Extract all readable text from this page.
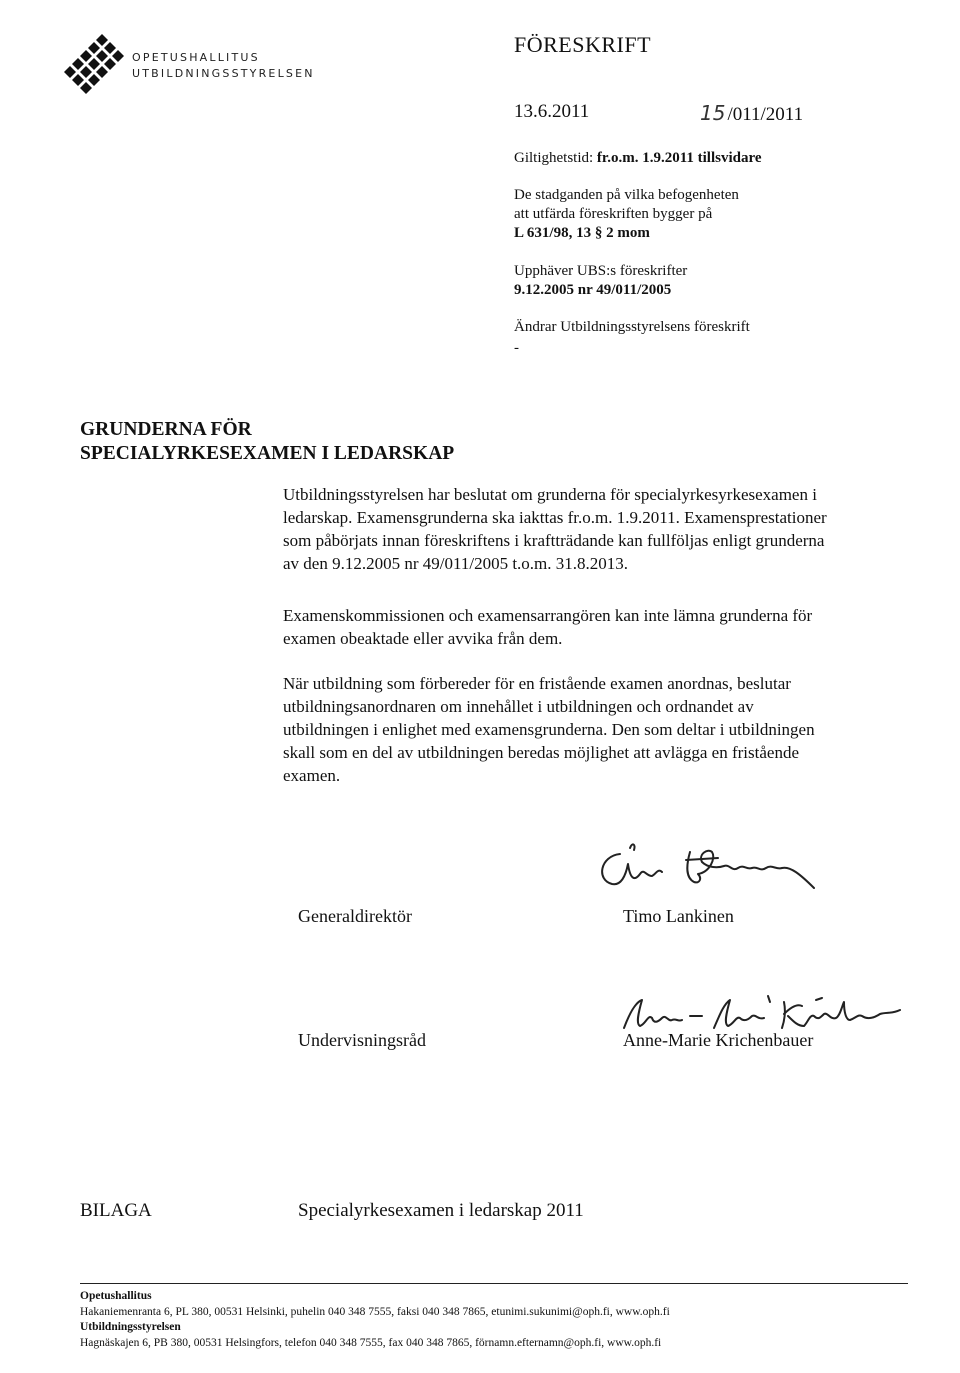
OPETUSHALLITUS
UTBILDNINGSSTYRELSEN
FÖRESKRIFT
13.6.2011	15 /011/2011
Giltighetstid: fr.o.m. 1.9.2011 tillsvidare
De stadganden på vilka befogenheten
att utfärda föreskriften bygger på
L 631/98, 13 § 2 mom
Upphäver UBS:s föreskrifter
9.12.2005 nr 49/011/2005
Ändrar Utbildningsstyrelsens föreskrift
-
GRUNDERNA FÖR
SPECIALYRKESEXAMEN I LEDARSKAP

Utbildningsstyrelsen har beslutat om grunderna för specialyrkesyrkesexamen i

ledarskap. Examensgrunderna ska iakttas fr.o.m. 1.9.2011. Examensprestationer

som påbörjats innan föreskriftens i kraftträdande kan fullföljas enligt grunderna

av den 9.12.2005 nr 49/011/2005 t.o.m. 31.8.2013.

Examenskommissionen och examensarrangören kan inte lämna grunderna för

examen obeaktade eller avvika från dem.

När utbildning som förbereder för en fristående examen anordnas, beslutar

utbildningsanordnaren om innehållet i utbildningen och ordnandet av

utbildningen i enlighet med examensgrunderna. Den som deltar i utbildningen

skall som en del av utbildningen beredas möjlighet att avlägga en fristående

examen.

Generaldirektör	Timo Lankinen
Undervisningsråd	Anne-Marie Krichenbauer
BILAGA	Specialyrkesexamen i ledarskap 2011
Opetushallitus
Hakaniemenranta 6, PL 380, 00531 Helsinki, puhelin 040 348 7555, faksi 040 348 7865, etunimi.sukunimi@oph.fi, www.oph.fi
Utbildningsstyrelsen
Hagnäskajen 6, PB 380, 00531 Helsingfors, telefon 040 348 7555, fax 040 348 7865, förnamn.efternamn@oph.fi, www.oph.fi
